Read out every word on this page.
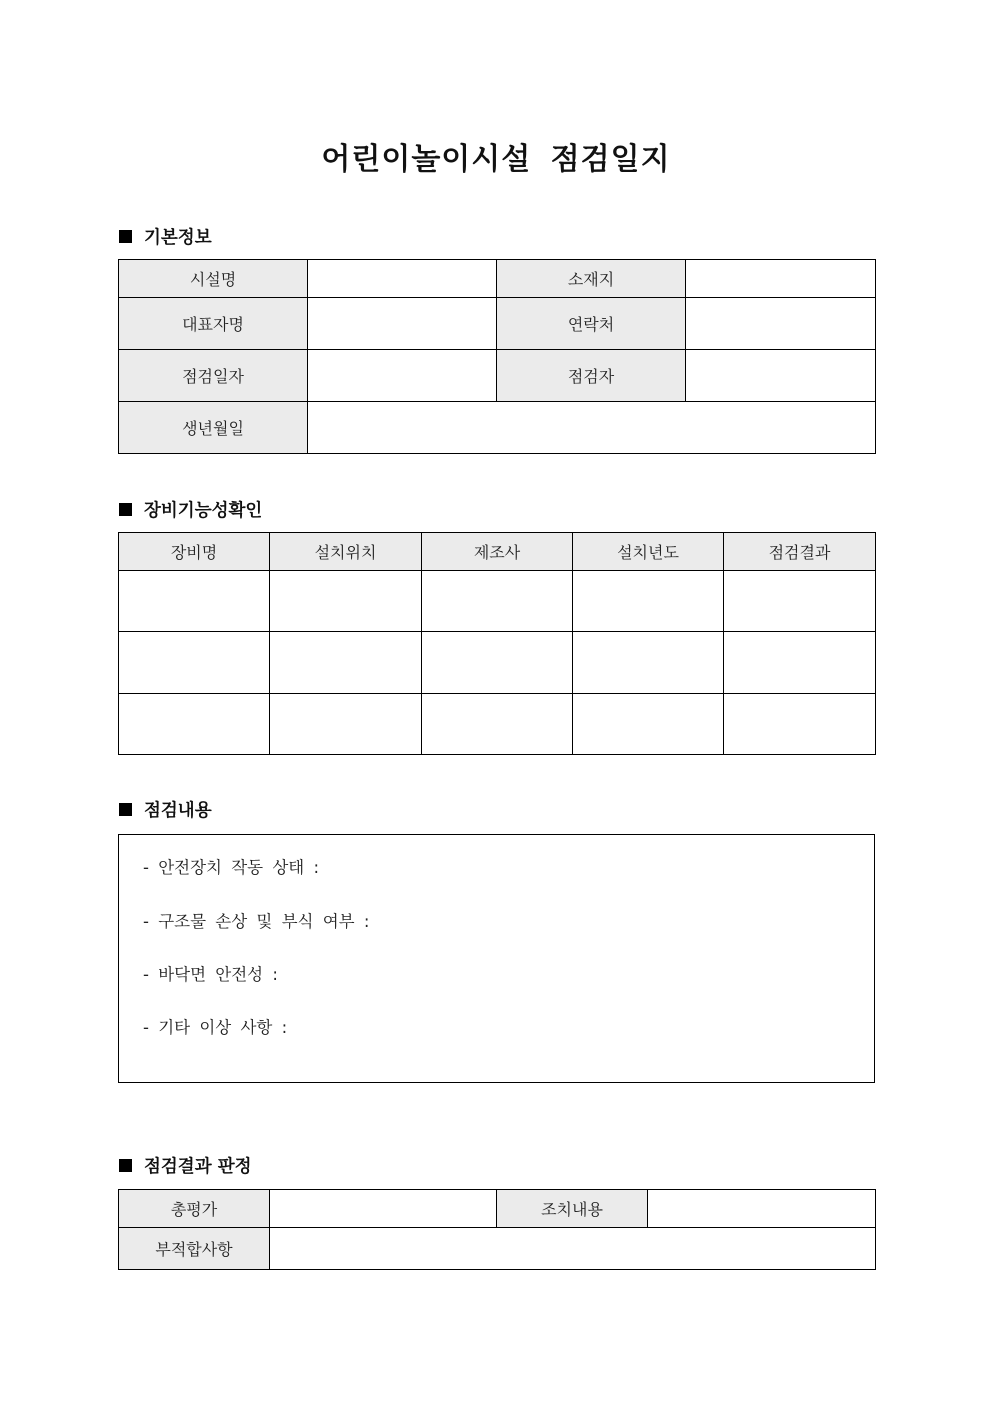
어린이놀이시설 점검일지
기본정보
시설명		소재지	
대표자명		연락처	
점검일자		점검자	
생년월일			
장비기능성확인
장비명	설치위치	제조사	설치년도	점검결과

점검내용
- 안전장치 작동 상태 :
- 구조물 손상 및 부식 여부 :
- 바닥면 안전성 :
- 기타 이상 사항 :
점검결과 판정
총평가		조치내용	
부적합사항			
